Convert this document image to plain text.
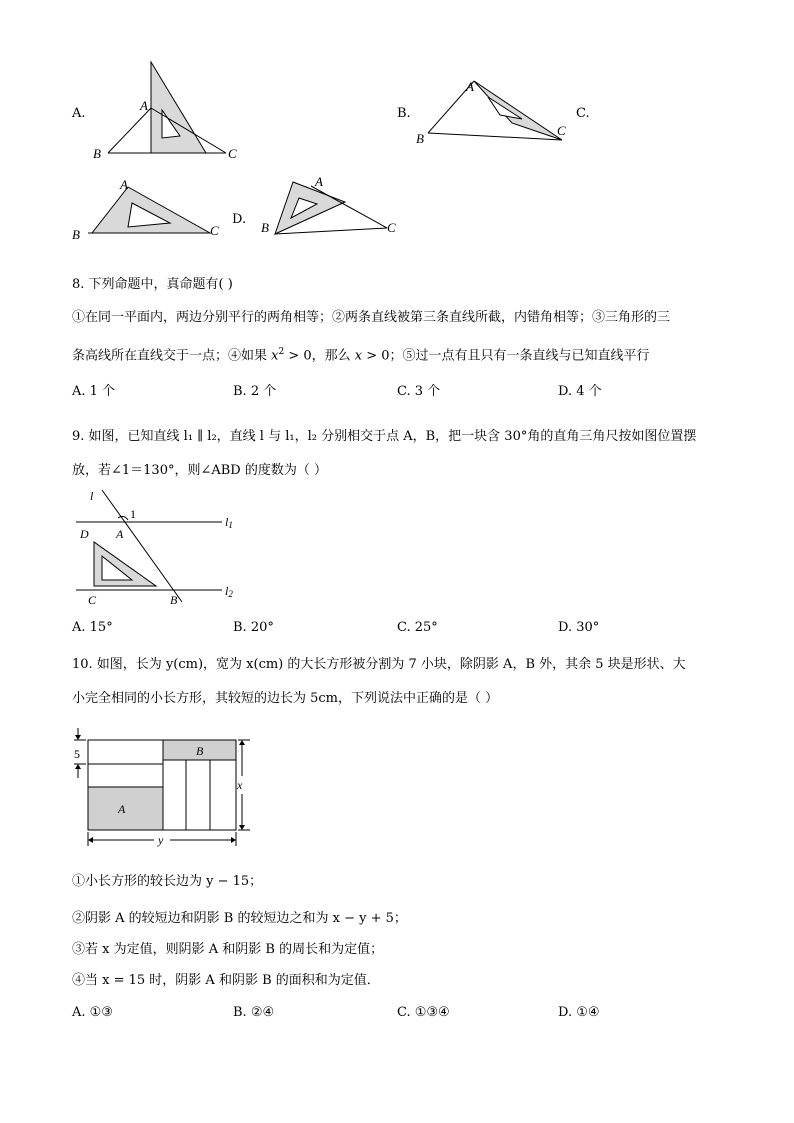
A.
A
B	C
B.
A
B
C
C.
A
B	C
D.
A
B	C
8. 下列命题中，真命题有( )
①在同一平面内，两边分别平行的两角相等；②两条直线被第三条直线所截，内错角相等；③三角形的三
条高线所在直线交于一点；④如果 $x^2 > 0$，那么 x > 0；⑤过一点有且只有一条直线与已知直线平行
A. 1 个	B. 2 个	C. 3 个	D. 4 个
9. 如图，已知直线 l₁ ∥ l₂，直线 l 与 l₁，l₂ 分别相交于点 A，B，把一块含 30°角的直角三角尺按如图位置摆
放，若∠1＝130°，则∠ABD 的度数为（ ）
l
1
l1
l2
D A
C	B
A. 15°	B. 20°	C. 25°	D. 30°
10. 如图，长为 y(cm)，宽为 x(cm) 的大长方形被分割为 7 小块，除阴影 A，B 外，其余 5 块是形状、大
小完全相同的小长方形，其较短的边长为 5cm，下列说法中正确的是（ ）
5
x
y
B
A
①小长方形的较长边为 y − 15；
②阴影 A 的较短边和阴影 B 的较短边之和为 x − y + 5；
③若 x 为定值，则阴影 A 和阴影 B 的周长和为定值；
④当 x = 15 时，阴影 A 和阴影 B 的面积和为定值．
A. ①③	B. ②④	C. ①③④	D. ①④
